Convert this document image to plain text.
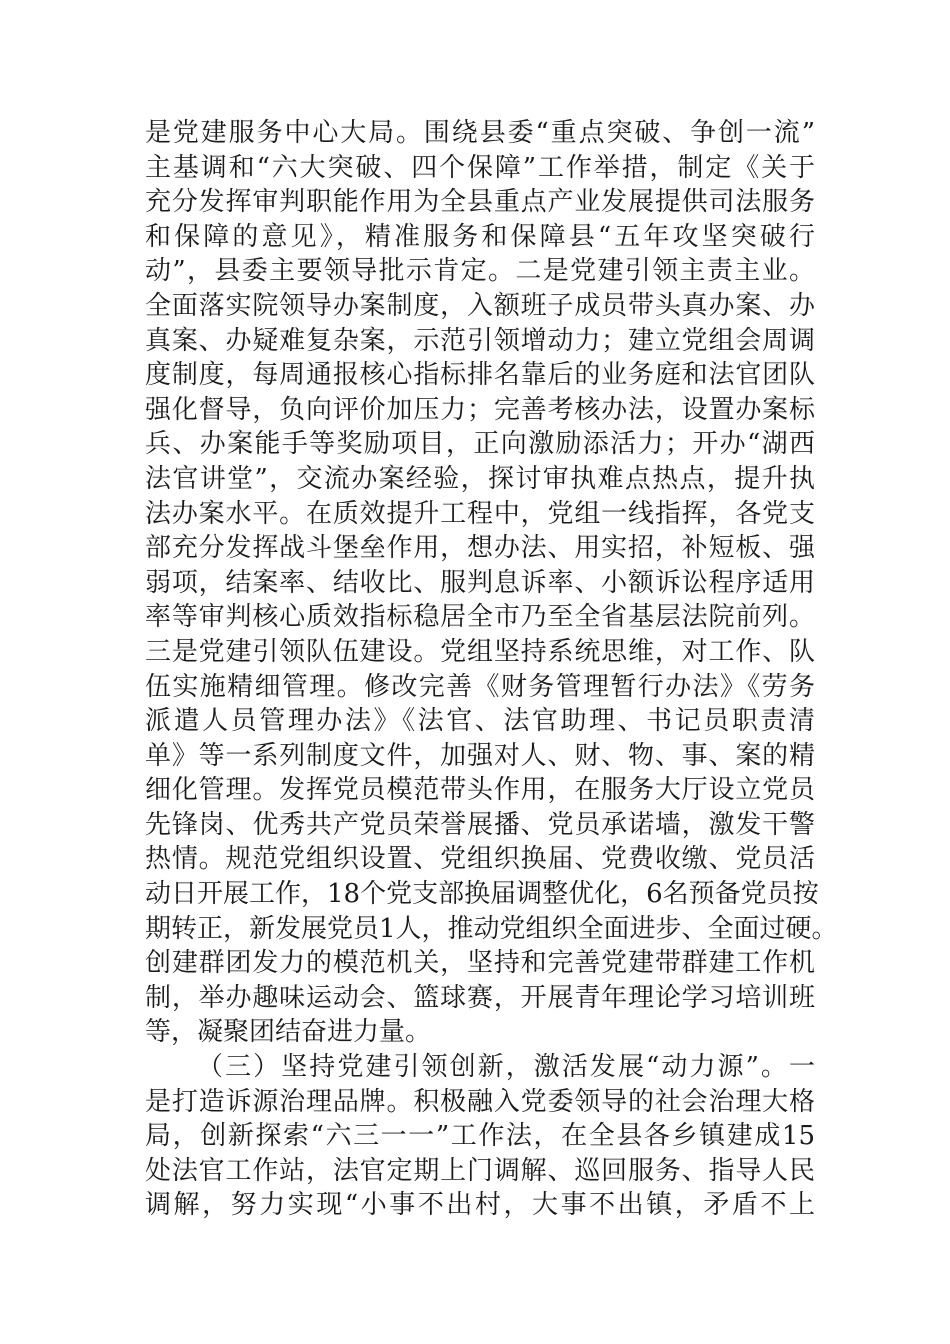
是党建服务中心大局。围绕县委“重点突破、争创一流”
主基调和“六大突破、四个保障”工作举措，制定《关于
充分发挥审判职能作用为全县重点产业发展提供司法服务
和保障的意见》，精准服务和保障县“五年攻坚突破行
动”，县委主要领导批示肯定。二是党建引领主责主业。
全面落实院领导办案制度，入额班子成员带头真办案、办
真案、办疑难复杂案，示范引领增动力；建立党组会周调
度制度，每周通报核心指标排名靠后的业务庭和法官团队
强化督导，负向评价加压力；完善考核办法，设置办案标
兵、办案能手等奖励项目，正向激励添活力；开办“湖西
法官讲堂”，交流办案经验，探讨审执难点热点，提升执
法办案水平。在质效提升工程中，党组一线指挥，各党支
部充分发挥战斗堡垒作用，想办法、用实招，补短板、强
弱项，结案率、结收比、服判息诉率、小额诉讼程序适用
率等审判核心质效指标稳居全市乃至全省基层法院前列。
三是党建引领队伍建设。党组坚持系统思维，对工作、队
伍实施精细管理。修改完善《财务管理暂行办法》《劳务
派遣人员管理办法》《法官、法官助理、书记员职责清
单》等一系列制度文件，加强对人、财、物、事、案的精
细化管理。发挥党员模范带头作用，在服务大厅设立党员
先锋岗、优秀共产党员荣誉展播、党员承诺墙，激发干警
热情。规范党组织设置、党组织换届、党费收缴、党员活
动日开展工作，18个党支部换届调整优化，6名预备党员按
期转正，新发展党员1人，推动党组织全面进步、全面过硬。
创建群团发力的模范机关，坚持和完善党建带群建工作机
制，举办趣味运动会、篮球赛，开展青年理论学习培训班
等，凝聚团结奋进力量。
（三）坚持党建引领创新，激活发展“动力源”。一
是打造诉源治理品牌。积极融入党委领导的社会治理大格
局，创新探索“六三一一”工作法，在全县各乡镇建成15
处法官工作站，法官定期上门调解、巡回服务、指导人民
调解，努力实现“小事不出村，大事不出镇，矛盾不上
